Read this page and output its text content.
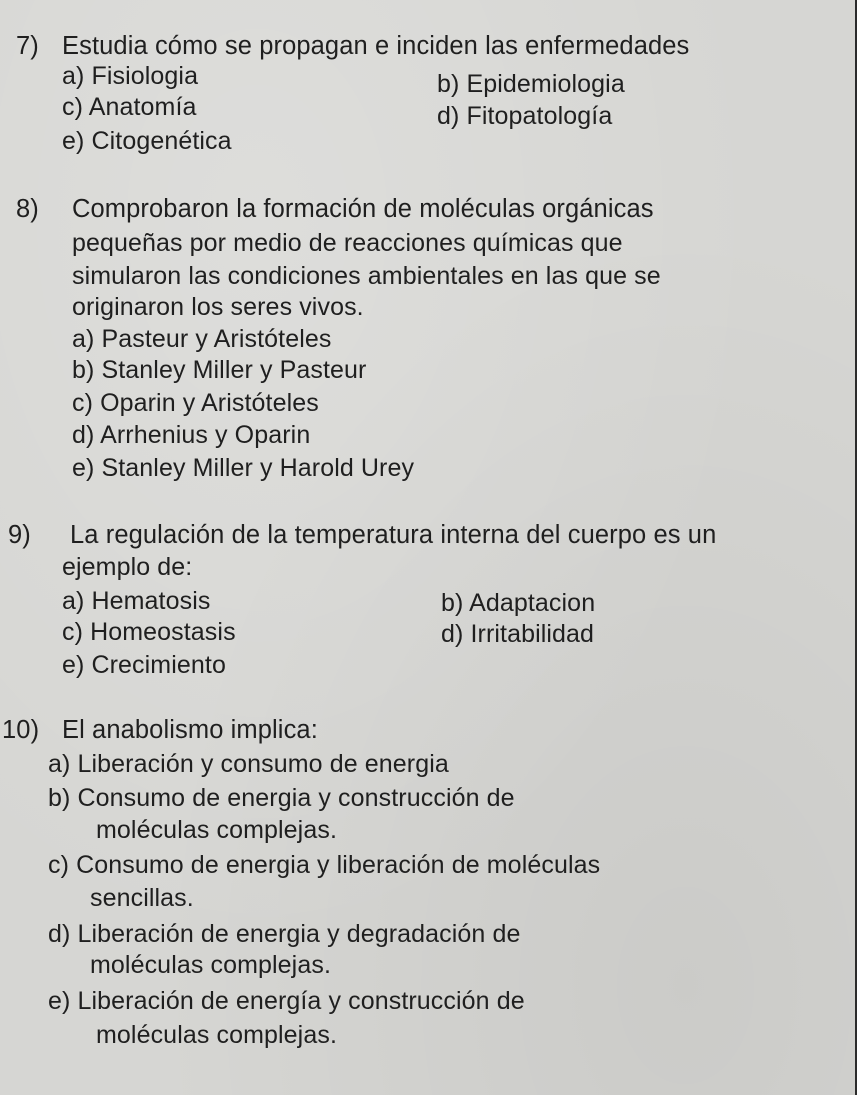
7) Estudia cómo se propagan e inciden las enfermedades
a) Fisiologia	b) Epidemiologia
c) Anatomía	d) Fitopatología
e) Citogenética
8) Comprobaron la formación de moléculas orgánicas
pequeñas por medio de reacciones químicas que
simularon las condiciones ambientales en las que se
originaron los seres vivos.
a) Pasteur y Aristóteles
b) Stanley Miller y Pasteur
c) Oparin y Aristóteles
d) Arrhenius y Oparin
e) Stanley Miller y Harold Urey
9) La regulación de la temperatura interna del cuerpo es un
ejemplo de:
a) Hematosis	b) Adaptacion
c) Homeostasis	d) Irritabilidad
e) Crecimiento
10) El anabolismo implica:
a) Liberación y consumo de energia
b) Consumo de energia y construcción de
moléculas complejas.
c) Consumo de energia y liberación de moléculas
sencillas.
d) Liberación de energia y degradación de
moléculas complejas.
e) Liberación de energía y construcción de
moléculas complejas.
